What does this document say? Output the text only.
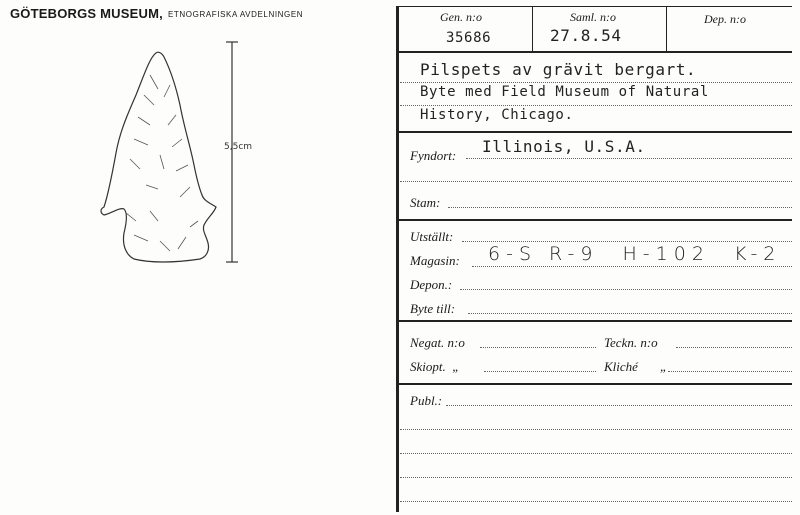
GÖTEBORGS MUSEUM, ETNOGRAFISKA AVDELNINGEN
5,5cm
Gen. n:o
35686
Saml. n:o
27.8.54
Dep. n:o
Pilspets av grävit bergart.
Byte med Field Museum of Natural
History, Chicago.
Fyndort: Illinois, U.S.A.
Stam:
Utställt:
Magasin: 6-S R-9  H-102  K-2
Depon.:
Byte till:
Negat. n:o	Teckn. n:o
Skiopt.  „	Kliché „
Publ.:
